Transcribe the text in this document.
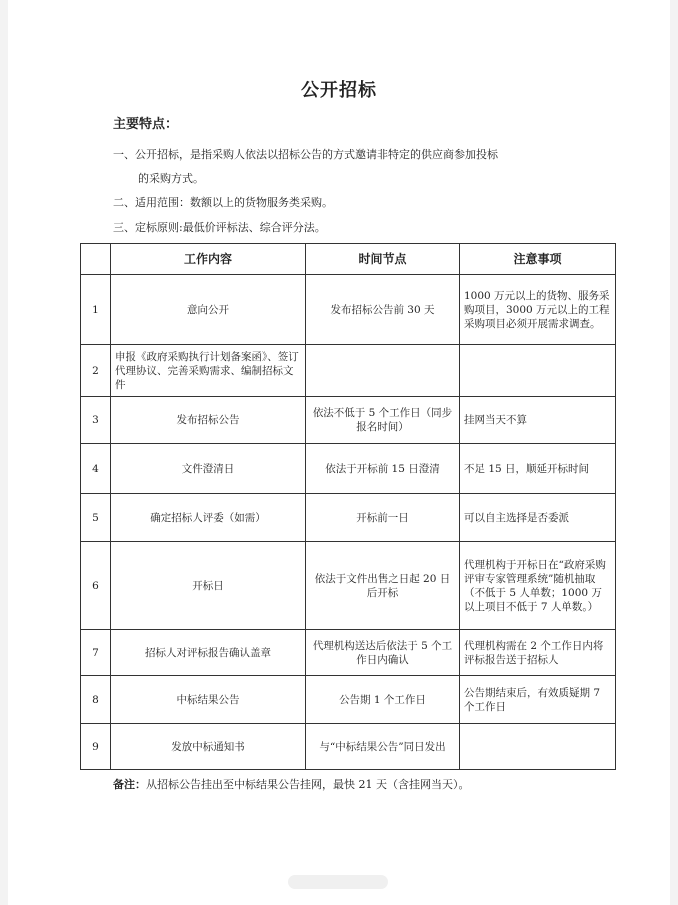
公开招标
主要特点：
一、公开招标，是指采购人依法以招标公告的方式邀请非特定的供应商参加投标
的采购方式。
二、适用范围：数额以上的货物服务类采购。
三、定标原则:最低价评标法、综合评分法。
	工作内容	时间节点	注意事项
1	意向公开	发布招标公告前 30 天	1000 万元以上的货物、服务采购项目，3000 万元以上的工程采购项目必须开展需求调查。
2	申报《政府采购执行计划备案函》、签订代理协议、完善采购需求、编制招标文件		
3	发布招标公告	依法不低于 5 个工作日（同步报名时间）	挂网当天不算
4	文件澄清日	依法于开标前 15 日澄清	不足 15 日，顺延开标时间
5	确定招标人评委（如需）	开标前一日	可以自主选择是否委派
6	开标日	依法于文件出售之日起 20 日后开标	代理机构于开标日在“政府采购评审专家管理系统”随机抽取（不低于 5 人单数；1000 万以上项目不低于 7 人单数。）
7	招标人对评标报告确认盖章	代理机构送达后依法于 5 个工作日内确认	代理机构需在 2 个工作日内将评标报告送于招标人
8	中标结果公告	公告期 1 个工作日	公告期结束后，有效质疑期 7 个工作日
9	发放中标通知书	与“中标结果公告”同日发出	
备注：从招标公告挂出至中标结果公告挂网，最快 21 天（含挂网当天）。
